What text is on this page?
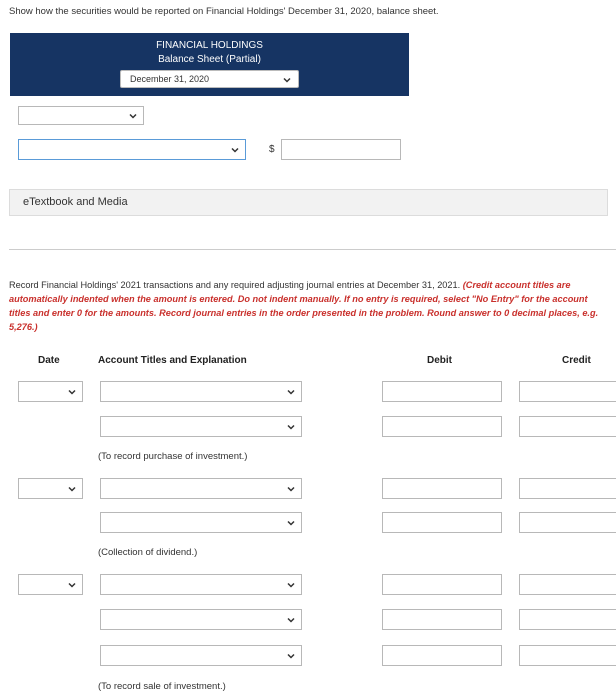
Show how the securities would be reported on Financial Holdings' December 31, 2020, balance sheet.
FINANCIAL HOLDINGS
Balance Sheet (Partial)
December 31, 2020
$
eTextbook and Media
Record Financial Holdings' 2021 transactions and any required adjusting journal entries at December 31, 2021. (Credit account titles are automatically indented when the amount is entered. Do not indent manually. If no entry is required, select "No Entry" for the account titles and enter 0 for the amounts. Record journal entries in the order presented in the problem. Round answer to 0 decimal places, e.g. 5,276.)
Date	Account Titles and Explanation	Debit	Credit
(To record purchase of investment.)
(Collection of dividend.)
(To record sale of investment.)
